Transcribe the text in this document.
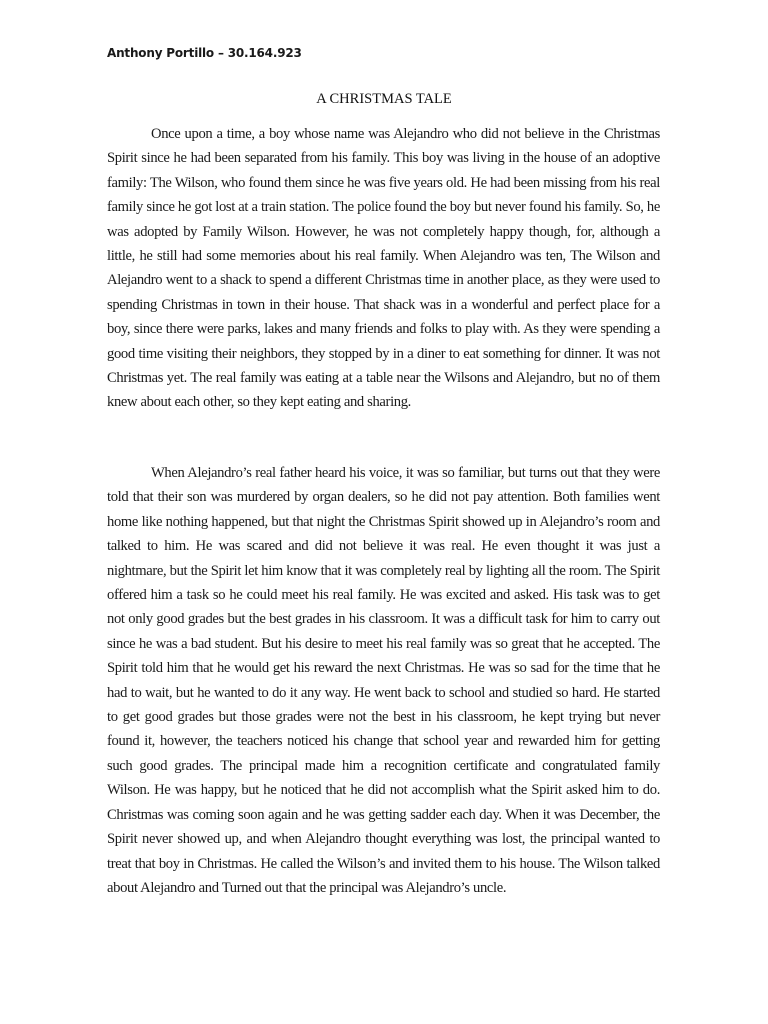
Anthony Portillo – 30.164.923
A CHRISTMAS TALE

Once upon a time, a boy whose name was Alejandro who did not believe in the Christmas Spirit since he had been separated from his family. This boy was living in the house of an adoptive family: The Wilson, who found them since he was five years old. He had been missing from his real family since he got lost at a train station. The police found the boy but never found his family. So, he was adopted by Family Wilson. However, he was not completely happy though, for, although a little, he still had some memories about his real family. When Alejandro was ten, The Wilson and Alejandro went to a shack to spend a different Christmas time in another place, as they were used to spending Christmas in town in their house. That shack was in a wonderful and perfect place for a boy, since there were parks, lakes and many friends and folks to play with. As they were spending a good time visiting their neighbors, they stopped by in a diner to eat something for dinner. It was not Christmas yet. The real family was eating at a table near the Wilsons and Alejandro, but no of them knew about each other, so they kept eating and sharing.

When Alejandro’s real father heard his voice, it was so familiar, but turns out that they were told that their son was murdered by organ dealers, so he did not pay attention. Both families went home like nothing happened, but that night the Christmas Spirit showed up in Alejandro’s room and talked to him. He was scared and did not believe it was real. He even thought it was just a nightmare, but the Spirit let him know that it was completely real by lighting all the room. The Spirit offered him a task so he could meet his real family. He was excited and asked. His task was to get not only good grades but the best grades in his classroom. It was a difficult task for him to carry out since he was a bad student. But his desire to meet his real family was so great that he accepted. The Spirit told him that he would get his reward the next Christmas. He was so sad for the time that he had to wait, but he wanted to do it any way. He went back to school and studied so hard. He started to get good grades but those grades were not the best in his classroom, he kept trying but never found it, however, the teachers noticed his change that school year and rewarded him for getting such good grades. The principal made him a recognition certificate and congratulated family Wilson. He was happy, but he noticed that he did not accomplish what the Spirit asked him to do. Christmas was coming soon again and he was getting sadder each day. When it was December, the Spirit never showed up, and when Alejandro thought everything was lost, the principal wanted to treat that boy in Christmas. He called the Wilson’s and invited them to his house. The Wilson talked about Alejandro and Turned out that the principal was Alejandro’s uncle.
